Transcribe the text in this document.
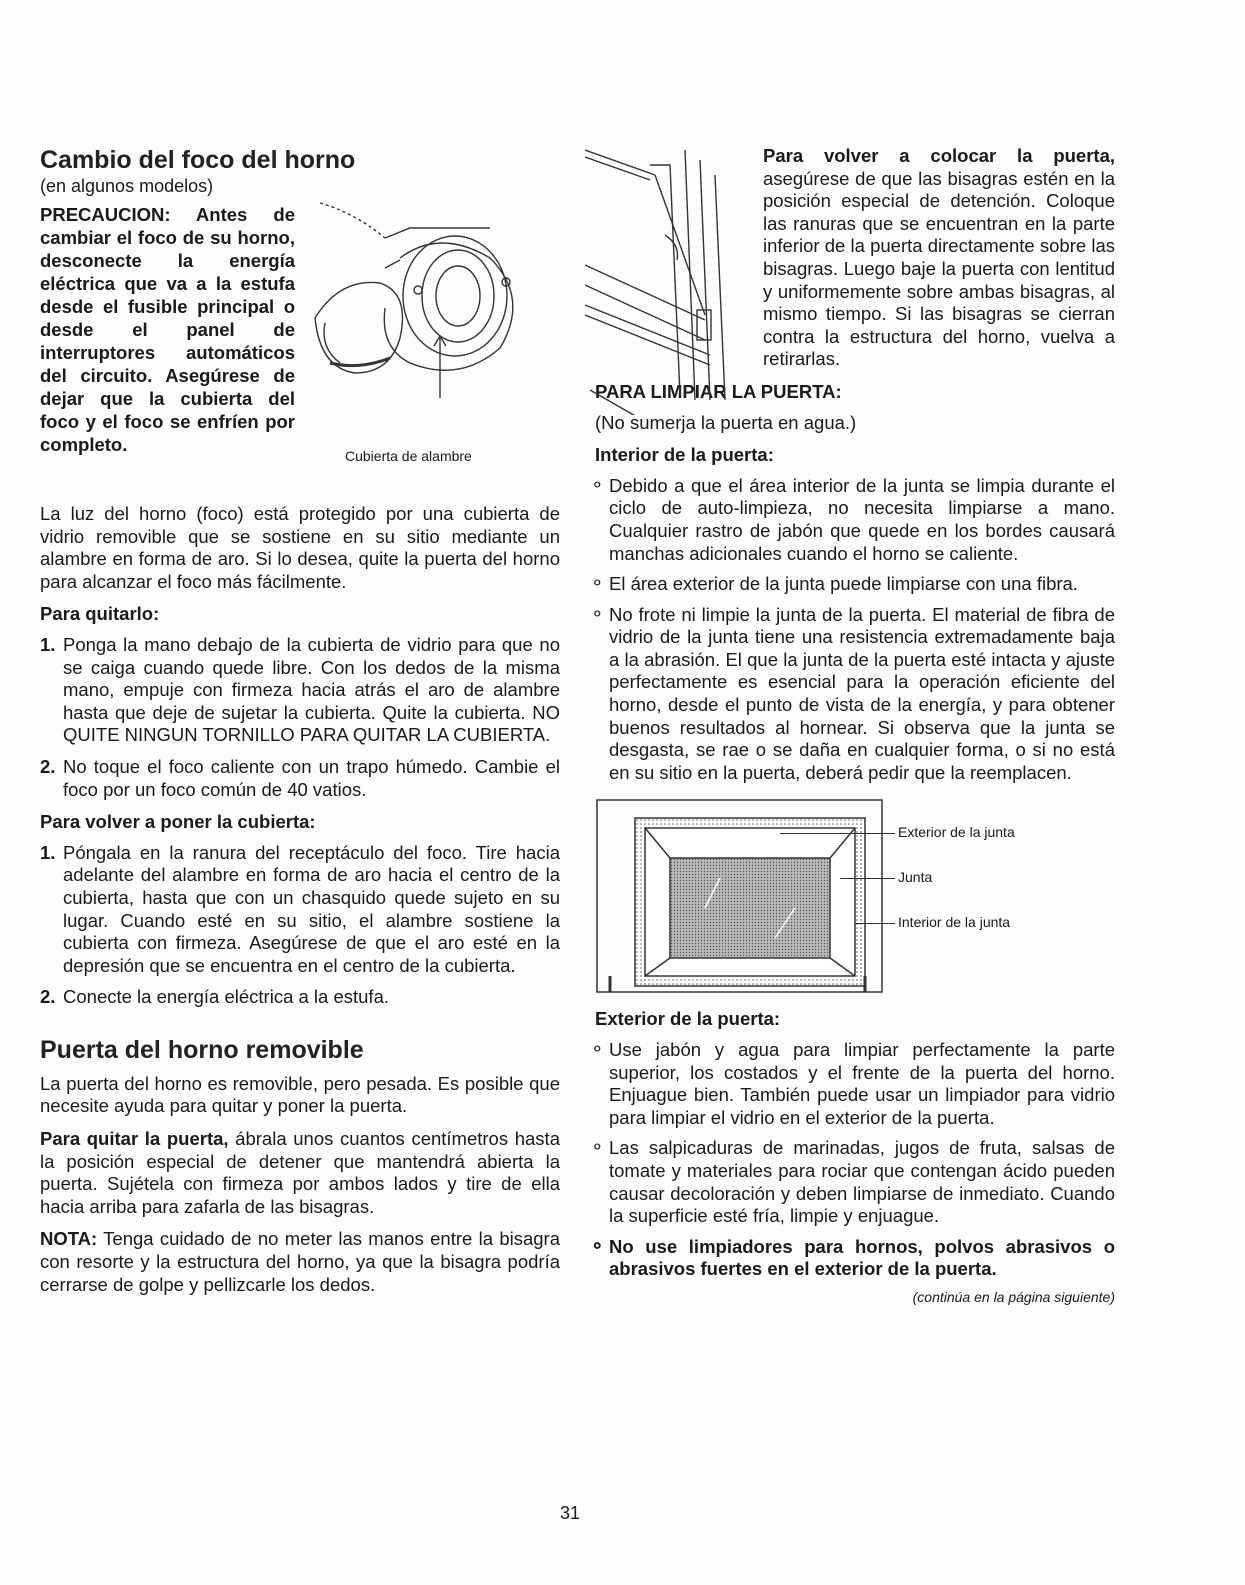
Cambio del foco del horno
(en algunos modelos)
PRECAUCION: Antes de cambiar el foco de su horno, desconecte la energía eléctrica que va a la estufa desde el fusible principal o desde el panel de interruptores automáticos del circuito. Asegúrese de dejar que la cubierta del foco y el foco se enfríen por completo.
Cubierta de alambre

La luz del horno (foco) está protegido por una cubierta de vidrio removible que se sostiene en su sitio mediante un alambre en forma de aro. Si lo desea, quite la puerta del horno para alcanzar el foco más fácilmente.

Para quitarlo:
1. Ponga la mano debajo de la cubierta de vidrio para que no se caiga cuando quede libre. Con los dedos de la misma mano, empuje con firmeza hacia atrás el aro de alambre hasta que deje de sujetar la cubierta. Quite la cubierta. NO QUITE NINGUN TORNILLO PARA QUITAR LA CUBIERTA.
2. No toque el foco caliente con un trapo húmedo. Cambie el foco por un foco común de 40 vatios.
Para volver a poner la cubierta:
1. Póngala en la ranura del receptáculo del foco. Tire hacia adelante del alambre en forma de aro hacia el centro de la cubierta, hasta que con un chasquido quede sujeto en su lugar. Cuando esté en su sitio, el alambre sostiene la cubierta con firmeza. Asegúrese de que el aro esté en la depresión que se encuentra en el centro de la cubierta.
2. Conecte la energía eléctrica a la estufa.
Puerta del horno removible

La puerta del horno es removible, pero pesada. Es posible que necesite ayuda para quitar y poner la puerta.

Para quitar la puerta, ábrala unos cuantos centímetros hasta la posición especial de detener que mantendrá abierta la puerta. Sujétela con firmeza por ambos lados y tire de ella hacia arriba para zafarla de las bisagras.

NOTA: Tenga cuidado de no meter las manos entre la bisagra con resorte y la estructura del horno, ya que la bisagra podría cerrarse de golpe y pellizcarle los dedos.

Para volver a colocar la puerta, asegúrese de que las bisagras estén en la posición especial de detención. Coloque las ranuras que se encuentran en la parte inferior de la puerta directamente sobre las bisagras. Luego baje la puerta con lentitud y uniformemente sobre ambas bisagras, al mismo tiempo. Si las bisagras se cierran contra la estructura del horno, vuelva a retirarlas.

PARA LIMPIAR LA PUERTA:

(No sumerja la puerta en agua.)

Interior de la puerta:
∘ Debido a que el área interior de la junta se limpia durante el ciclo de auto-limpieza, no necesita limpiarse a mano. Cualquier rastro de jabón que quede en los bordes causará manchas adicionales cuando el horno se caliente.
∘ El área exterior de la junta puede limpiarse con una fibra.
∘ No frote ni limpie la junta de la puerta. El material de fibra de vidrio de la junta tiene una resistencia extremadamente baja a la abrasión. El que la junta de la puerta esté intacta y ajuste perfectamente es esencial para la operación eficiente del horno, desde el punto de vista de la energía, y para obtener buenos resultados al hornear. Si observa que la junta se desgasta, se rae o se daña en cualquier forma, o si no está en su sitio en la puerta, deberá pedir que la reemplacen.
Exterior de la junta
Junta
Interior de la junta
Exterior de la puerta:
∘ Use jabón y agua para limpiar perfectamente la parte superior, los costados y el frente de la puerta del horno. Enjuague bien. También puede usar un limpiador para vidrio para limpiar el vidrio en el exterior de la puerta.
∘ Las salpicaduras de marinadas, jugos de fruta, salsas de tomate y materiales para rociar que contengan ácido pueden causar decoloración y deben limpiarse de inmediato. Cuando la superficie esté fría, limpie y enjuague.
∘ No use limpiadores para hornos, polvos abrasivos o abrasivos fuertes en el exterior de la puerta.
(continúa en la página siguiente)
31
